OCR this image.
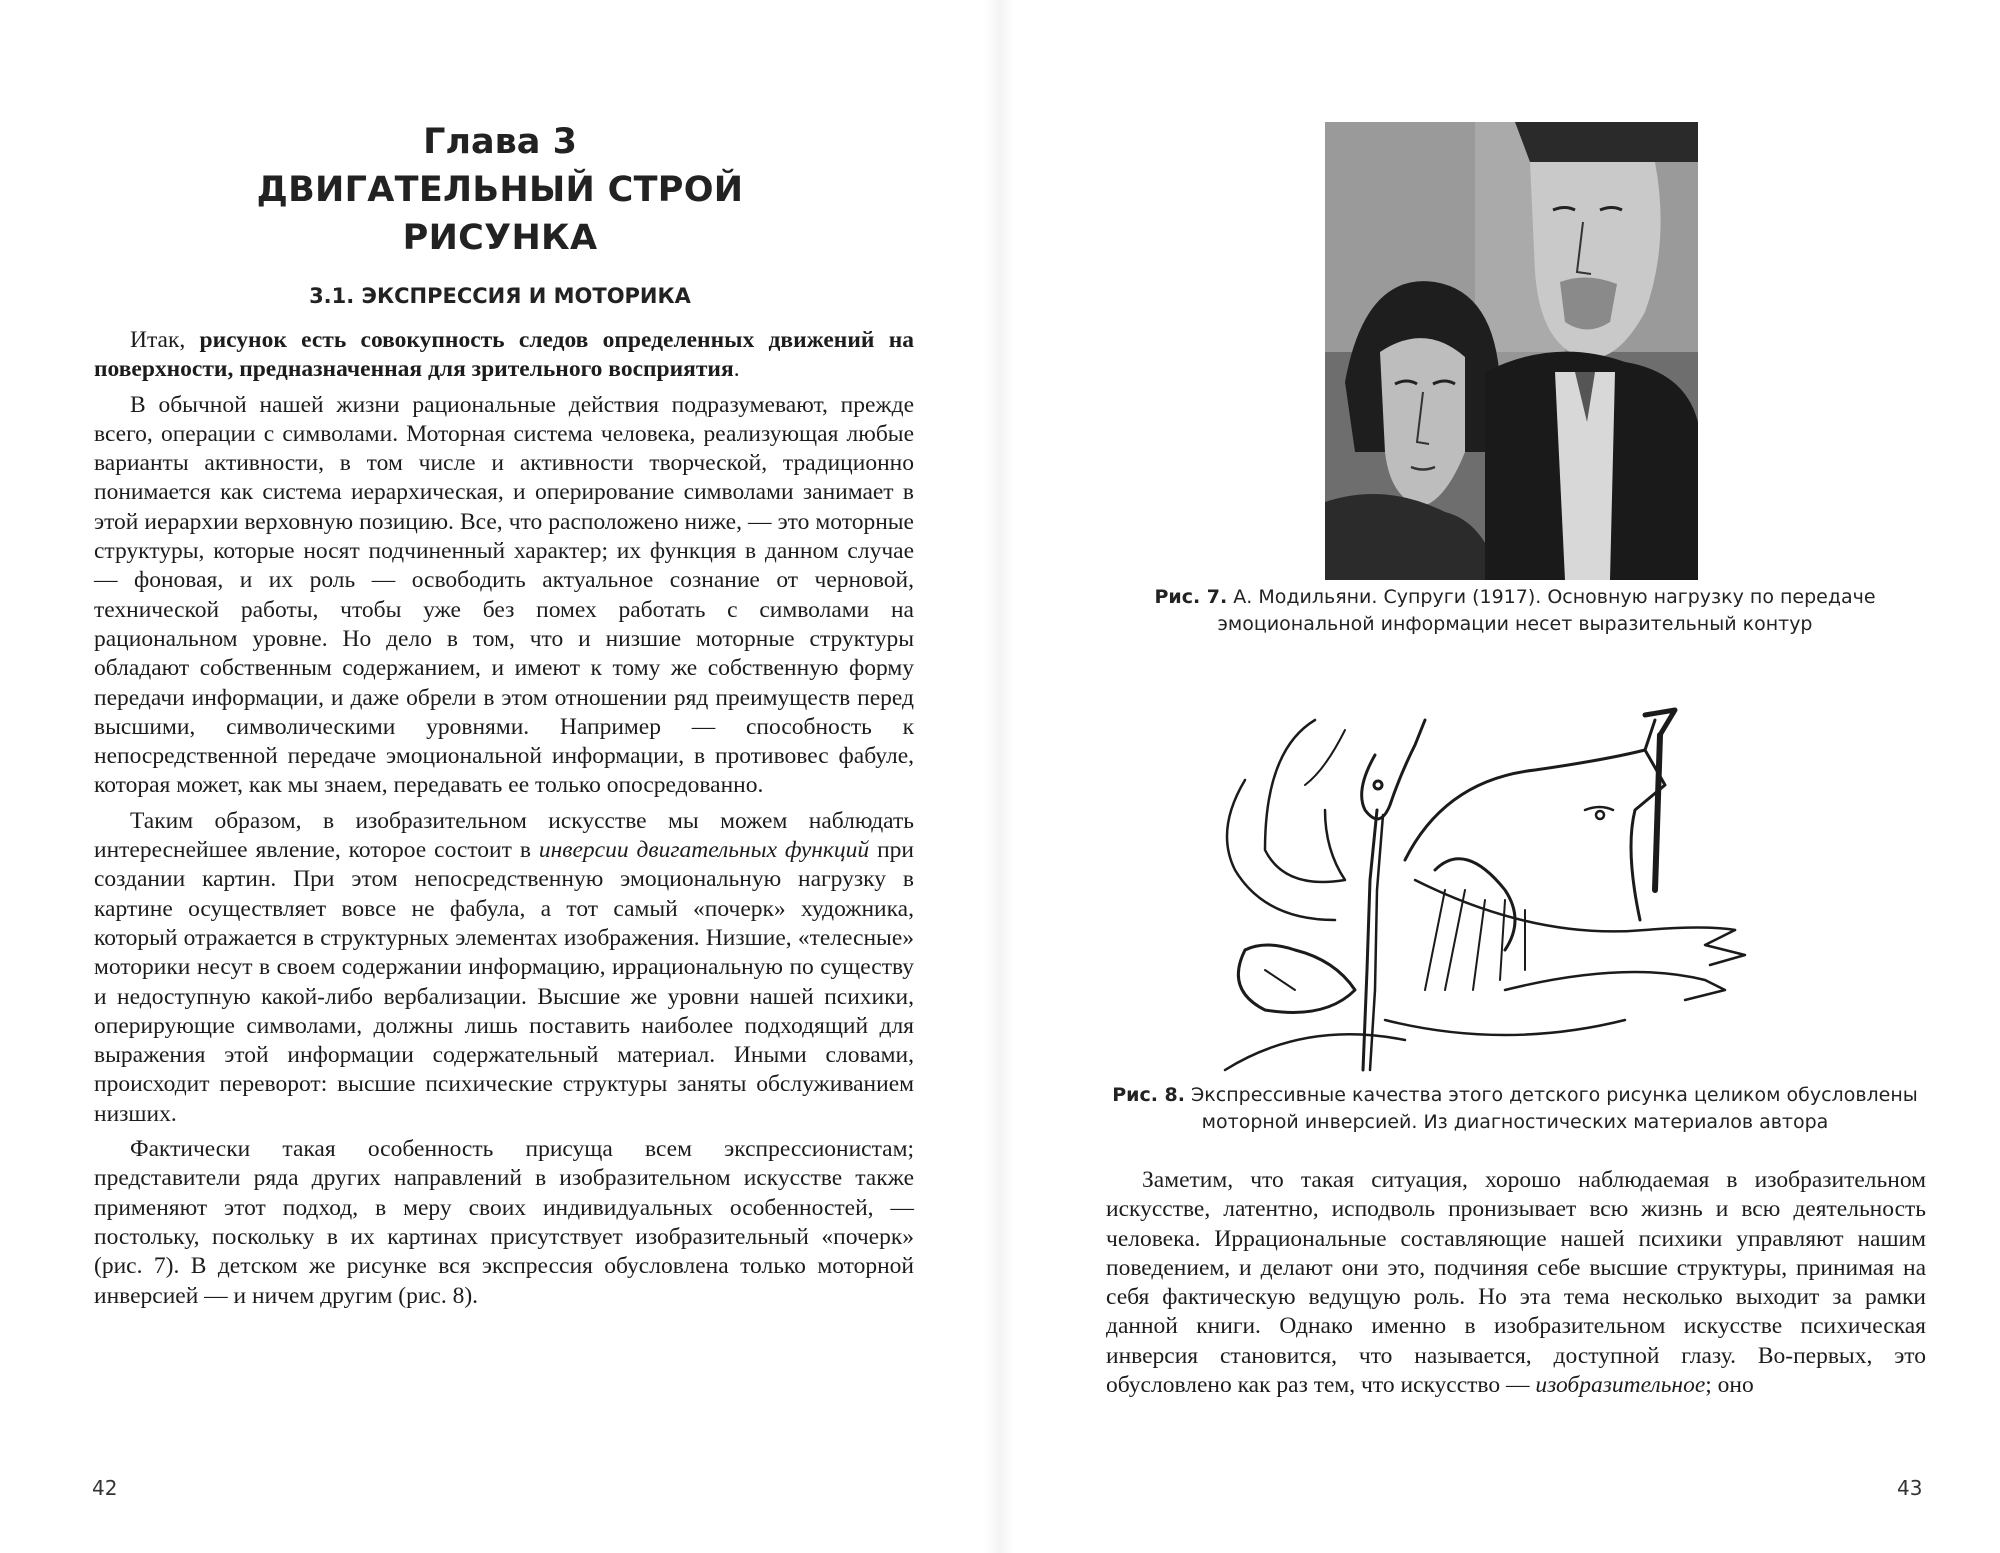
Глава 3
ДВИГАТЕЛЬНЫЙ СТРОЙ РИСУНКА
3.1. ЭКСПРЕССИЯ И МОТОРИКА

Итак, рисунок есть совокупность следов определенных движений на поверхности, предназначенная для зрительного восприятия.

В обычной нашей жизни рациональные действия подразумевают, прежде всего, операции с символами. Моторная система человека, реализующая любые варианты активности, в том числе и активности творческой, традиционно понимается как система иерархическая, и оперирование символами занимает в этой иерархии верховную позицию. Все, что расположено ниже, — это моторные структуры, которые носят подчиненный характер; их функция в данном случае — фоновая, и их роль — освободить актуальное сознание от черновой, технической работы, чтобы уже без помех работать с символами на рациональном уровне. Но дело в том, что и низшие моторные структуры обладают собственным содержанием, и имеют к тому же собственную форму передачи информации, и даже обрели в этом отношении ряд преимуществ перед высшими, символическими уровнями. Например — способность к непосредственной передаче эмоциональной информации, в противовес фабуле, которая может, как мы знаем, передавать ее только опосредованно.

Таким образом, в изобразительном искусстве мы можем наблюдать интереснейшее явление, которое состоит в инверсии двигательных функций при создании картин. При этом непосредственную эмоциональную нагрузку в картине осуществляет вовсе не фабула, а тот самый «почерк» художника, который отражается в структурных элементах изображения. Низшие, «телесные» моторики несут в своем содержании информацию, иррациональную по существу и недоступную какой-либо вербализации. Высшие же уровни нашей психики, оперирующие символами, должны лишь поставить наиболее подходящий для выражения этой информации содержательный материал. Иными словами, происходит переворот: высшие психические структуры заняты обслуживанием низших.

Фактически такая особенность присуща всем экспрессионистам; представители ряда других направлений в изобразительном искусстве также применяют этот подход, в меру своих индивидуальных особенностей, — постольку, поскольку в их картинах присутствует изобразительный «почерк» (рис. 7). В детском же рисунке вся экспрессия обусловлена только моторной инверсией — и ничем другим (рис. 8).

42
Рис. 7. А. Модильяни. Супруги (1917). Основную нагрузку по передаче эмоциональной информации несет выразительный контур
Рис. 8. Экспрессивные качества этого детского рисунка целиком обусловлены моторной инверсией. Из диагностических материалов автора

Заметим, что такая ситуация, хорошо наблюдаемая в изобразительном искусстве, латентно, исподволь пронизывает всю жизнь и всю деятельность человека. Иррациональные составляющие нашей психики управляют нашим поведением, и делают они это, подчиняя себе высшие структуры, принимая на себя фактическую ведущую роль. Но эта тема несколько выходит за рамки данной книги. Однако именно в изобразительном искусстве психическая инверсия становится, что называется, доступной глазу. Во-первых, это обусловлено как раз тем, что искусство — изобразительное; оно

43
